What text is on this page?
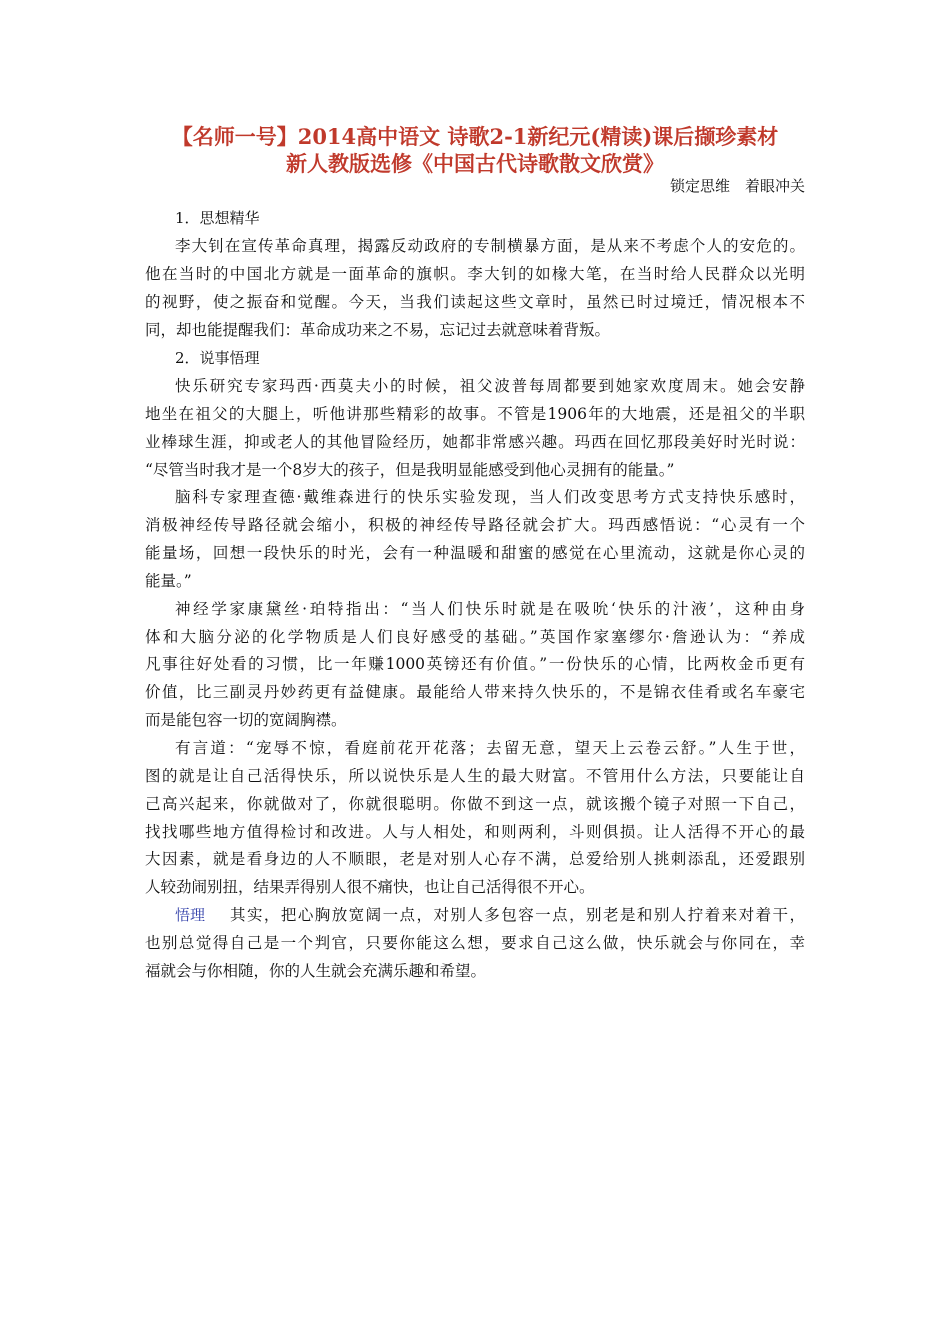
【名师一号】2014高中语文 诗歌2-1新纪元(精读)课后撷珍素材
新人教版选修《中国古代诗歌散文欣赏》
锁定思维　着眼冲关
1．思想精华
李大钊在宣传革命真理，揭露反动政府的专制横暴方面，是从来不考虑个人的安危的。
他在当时的中国北方就是一面革命的旗帜。李大钊的如椽大笔，在当时给人民群众以光明
的视野，使之振奋和觉醒。今天，当我们读起这些文章时，虽然已时过境迁，情况根本不
同，却也能提醒我们：革命成功来之不易，忘记过去就意味着背叛。
2．说事悟理
快乐研究专家玛西·西莫夫小的时候，祖父波普每周都要到她家欢度周末。她会安静
地坐在祖父的大腿上，听他讲那些精彩的故事。不管是1906年的大地震，还是祖父的半职
业棒球生涯，抑或老人的其他冒险经历，她都非常感兴趣。玛西在回忆那段美好时光时说：
“尽管当时我才是一个8岁大的孩子，但是我明显能感受到他心灵拥有的能量。”
脑科专家理查德·戴维森进行的快乐实验发现，当人们改变思考方式支持快乐感时，
消极神经传导路径就会缩小，积极的神经传导路径就会扩大。玛西感悟说：“心灵有一个
能量场，回想一段快乐的时光，会有一种温暖和甜蜜的感觉在心里流动，这就是你心灵的
能量。”
神经学家康黛丝·珀特指出：“当人们快乐时就是在吸吮‘快乐的汁液’，这种由身
体和大脑分泌的化学物质是人们良好感受的基础。”英国作家塞缪尔·詹逊认为：“养成
凡事往好处看的习惯，比一年赚1000英镑还有价值。”一份快乐的心情，比两枚金币更有
价值，比三副灵丹妙药更有益健康。最能给人带来持久快乐的，不是锦衣佳肴或名车豪宅
而是能包容一切的宽阔胸襟。
有言道：“宠辱不惊，看庭前花开花落；去留无意，望天上云卷云舒。”人生于世，
图的就是让自己活得快乐，所以说快乐是人生的最大财富。不管用什么方法，只要能让自
己高兴起来，你就做对了，你就很聪明。你做不到这一点，就该搬个镜子对照一下自己，
找找哪些地方值得检讨和改进。人与人相处，和则两利，斗则俱损。让人活得不开心的最
大因素，就是看身边的人不顺眼，老是对别人心存不满，总爱给别人挑刺添乱，还爱跟别
人较劲闹别扭，结果弄得别人很不痛快，也让自己活得很不开心。
悟理 其实，把心胸放宽阔一点，对别人多包容一点，别老是和别人拧着来对着干，
也别总觉得自己是一个判官，只要你能这么想，要求自己这么做，快乐就会与你同在，幸
福就会与你相随，你的人生就会充满乐趣和希望。
